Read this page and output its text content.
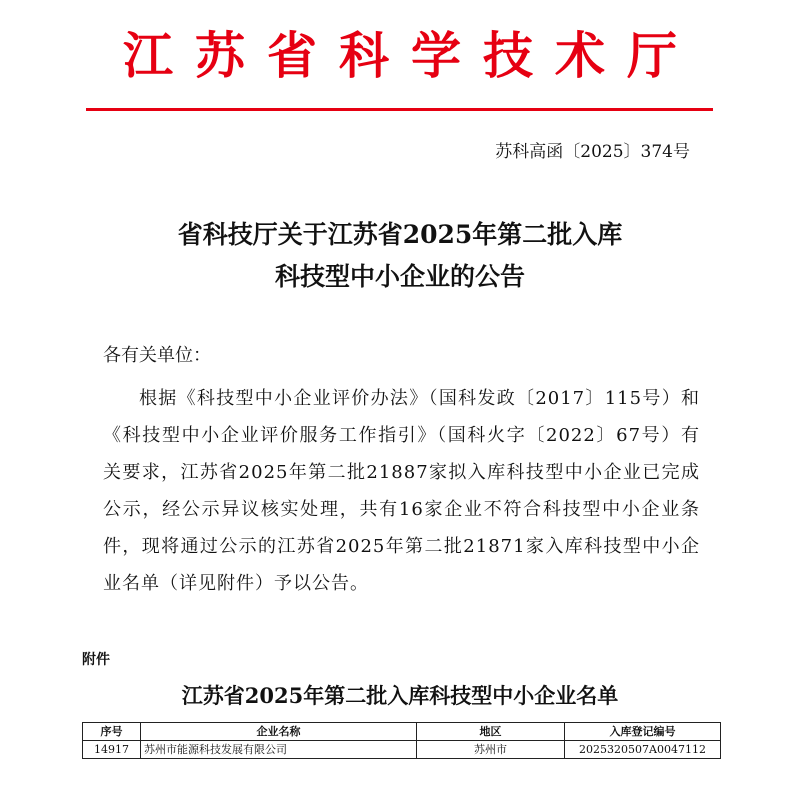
江苏省科学技术厅
苏科高函〔2025〕374号
省科技厅关于江苏省2025年第二批入库
科技型中小企业的公告
各有关单位：
根据《科技型中小企业评价办法》（国科发政〔2017〕115号）和《科技型中小企业评价服务工作指引》（国科火字〔2022〕67号）有关要求，江苏省2025年第二批21887家拟入库科技型中小企业已完成公示，经公示异议核实处理，共有16家企业不符合科技型中小企业条件，现将通过公示的江苏省2025年第二批21871家入库科技型中小企业名单（详见附件）予以公告。
附件
江苏省2025年第二批入库科技型中小企业名单
序号	企业名称	地区	入库登记编号
14917	苏州市能源科技发展有限公司	苏州市	2025320507A0047112
